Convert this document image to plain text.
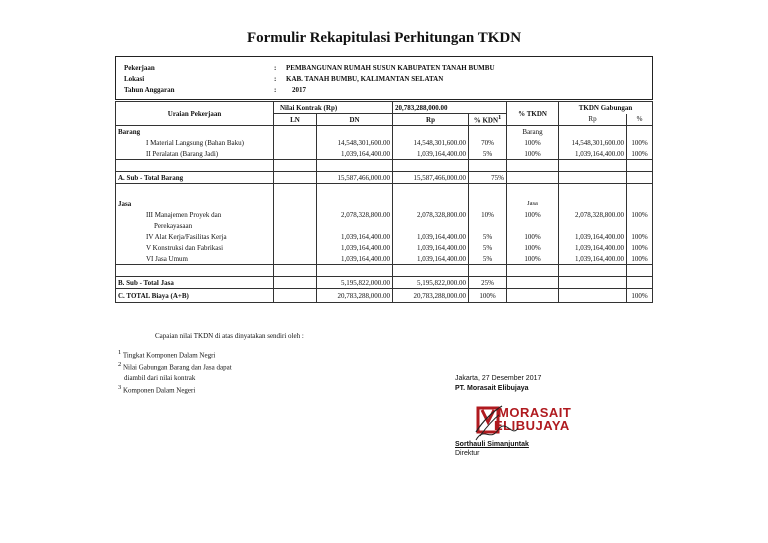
Formulir Rekapitulasi Perhitungan TKDN
Pekerjaan	: PEMBANGUNAN RUMAH SUSUN KABUPATEN TANAH BUMBU
Lokasi	: KAB. TANAH BUMBU, KALIMANTAN SELATAN
Tahun Anggaran	: 2017
Uraian Pekerjaan	Nilai Kontrak (Rp)		20,783,288,000.00		% TKDN	TKDN Gabungan	
	LN	DN	Rp	% KDN$^1$		Rp	%
Barang					Barang		
I Material Langsung (Bahan Baku)		14,548,301,600.00	14,548,301,600.00	70%	100%	14,548,301,600.00	100%
II Peralatan (Barang Jadi)		1,039,164,400.00	1,039,164,400.00	5%	100%	1,039,164,400.00	100%

A. Sub - Total Barang		15,587,466,000.00	15,587,466,000.00	75%			

Jasa					Jasa		
III Manajemen Proyek dan		2,078,328,800.00	2,078,328,800.00	10%	100%	2,078,328,800.00	100%
Perekayasaan							
IV Alat Kerja/Fasilitas Kerja		1,039,164,400.00	1,039,164,400.00	5%	100%	1,039,164,400.00	100%
V Konstruksi dan Fabrikasi		1,039,164,400.00	1,039,164,400.00	5%	100%	1,039,164,400.00	100%
VI Jasa Umum		1,039,164,400.00	1,039,164,400.00	5%	100%	1,039,164,400.00	100%

B. Sub - Total Jasa		5,195,822,000.00	5,195,822,000.00	25%			
C. TOTAL Biaya (A+B)		20,783,288,000.00	20,783,288,000.00	100%			100%
Capaian nilai TKDN di atas dinyatakan sendiri oleh :
$^1$ Tingkat Komponen Dalam Negri
$^2$ Nilai Gabungan Barang dan Jasa dapat
diambil dari nilai kontrak
$^3$ Komponen Dalam Negeri
Jakarta, 27 Desember 2017
PT. Morasait Elibujaya
MORASAIT
ELIBUJAYA
Sorthauli Simanjuntak
Direktur
